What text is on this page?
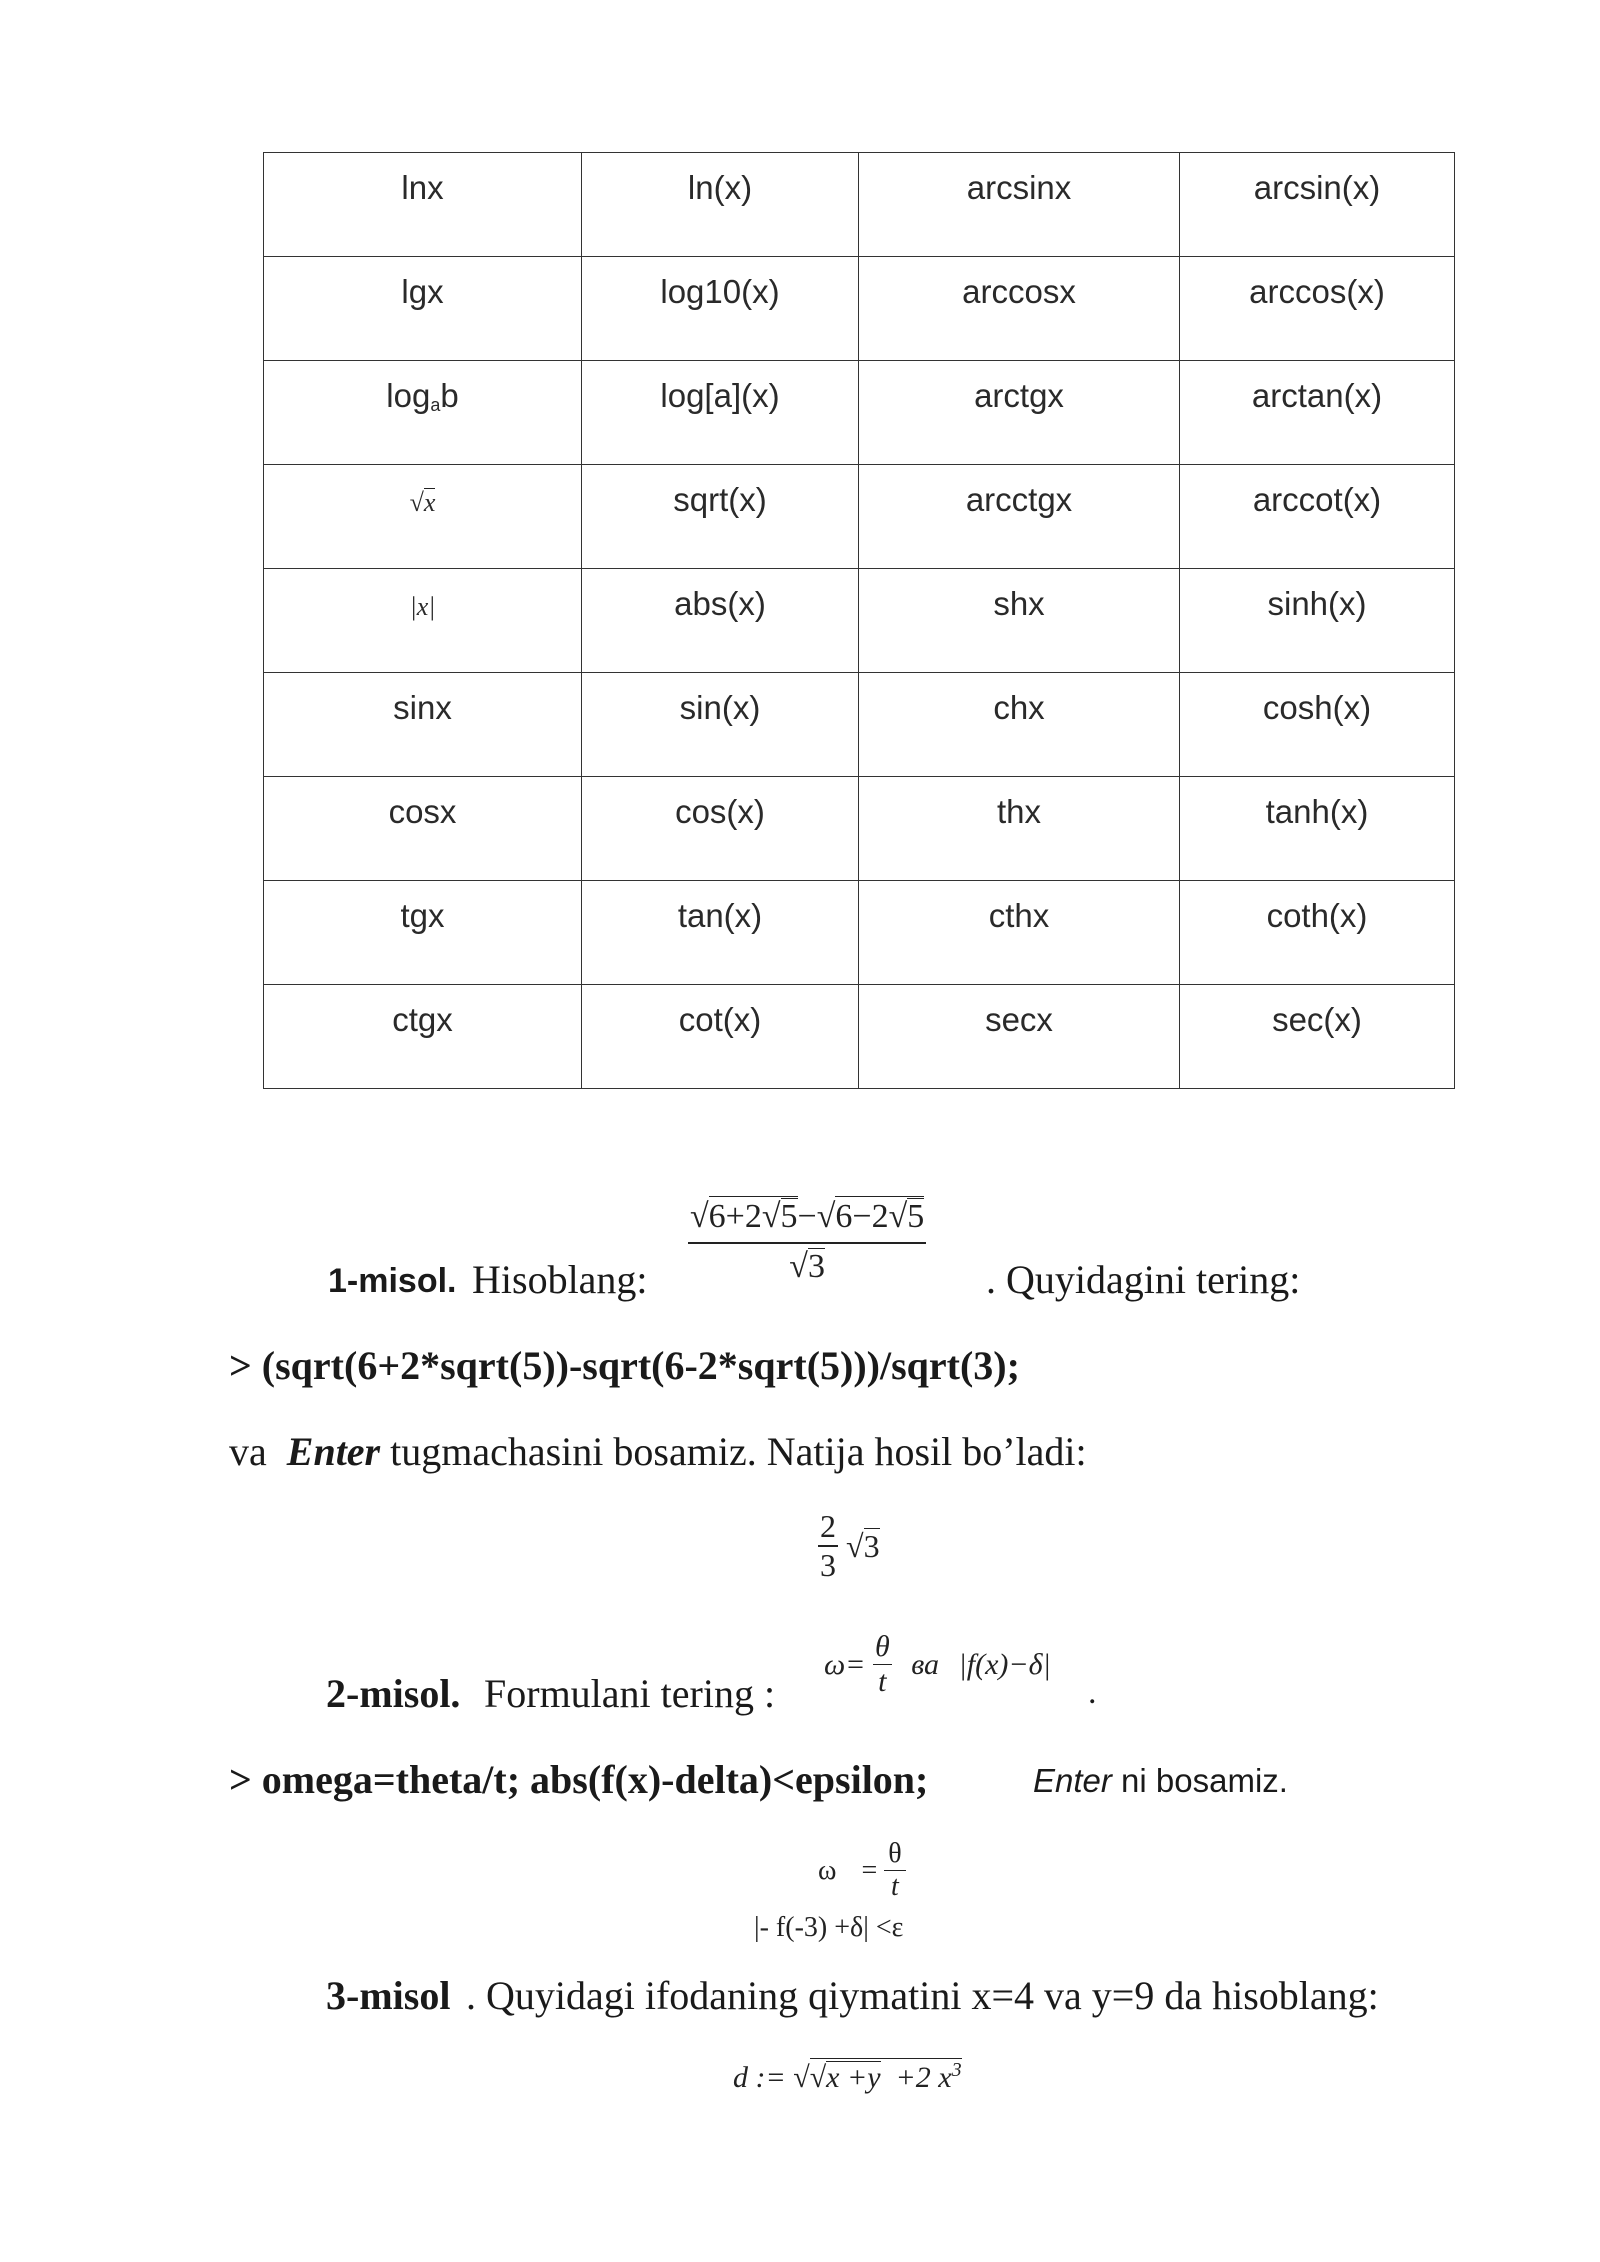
lnx	ln(x)	arcsinx	arcsin(x)
lgx	log10(x)	arccosx	arccos(x)
$\log_ab$	log[a](x)	arctgx	arctan(x)
√x	sqrt(x)	arcctgx	arccot(x)
|x|	abs(x)	shx	sinh(x)
sinx	sin(x)	chx	cosh(x)
cosx	cos(x)	thx	tanh(x)
tgx	tan(x)	cthx	coth(x)
ctgx	cot(x)	secx	sec(x)
1-misol. Hisoblang: $\frac{√6+2√5-√6-2√5}{√3}$ . Quyidagini tering:
> (sqrt(6+2*sqrt(5))-sqrt(6-2*sqrt(5)))/sqrt(3);
va Enter tugmachasini bosamiz. Natija hosil bo’ladi:
$\frac{2}{3} √3$
2-misol. Formulani tering :
$\omega= \frac{\theta}{t}$ ва |f(x)−δ|
.
> omega=theta/t; abs(f(x)-delta)<epsilon;	Enter ni bosamiz.
$\omega = \frac{\theta}{t}$
|- f(-3) +δ| <ε
3-misol . Quyidagi ifodaning qiymatini x=4 va y=9 da hisoblang:
d := √√x +y +2 $x^3$
